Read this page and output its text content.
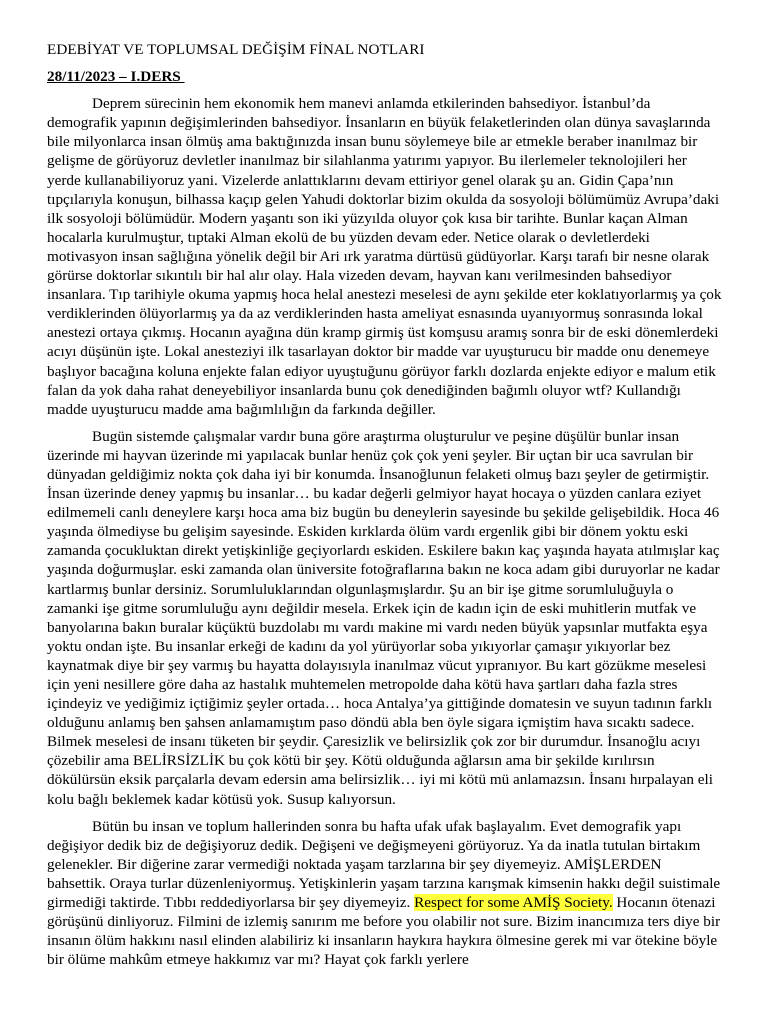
EDEBİYAT VE TOPLUMSAL DEĞİŞİM FİNAL NOTLARI

28/11/2023 – I.DERS

Deprem sürecinin hem ekonomik hem manevi anlamda etkilerinden bahsediyor. İstanbul’da demografik yapının değişimlerinden bahsediyor. İnsanların en büyük felaketlerinden olan dünya savaşlarında bile milyonlarca insan ölmüş ama baktığınızda insan bunu söylemeye bile ar etmekle beraber inanılmaz bir gelişme de görüyoruz devletler inanılmaz bir silahlanma yatırımı yapıyor. Bu ilerlemeler teknolojileri her yerde kullanabiliyoruz yani. Vizelerde anlattıklarını devam ettiriyor genel olarak şu an. Gidin Çapa’nın tıpçılarıyla konuşun, bilhassa kaçıp gelen Yahudi doktorlar bizim okulda da sosyoloji bölümümüz Avrupa’daki ilk sosyoloji bölümüdür. Modern yaşantı son iki yüzyılda oluyor çok kısa bir tarihte. Bunlar kaçan Alman hocalarla kurulmuştur, tıptaki Alman ekolü de bu yüzden devam eder. Netice olarak o devletlerdeki motivasyon insan sağlığına yönelik değil bir Ari ırk yaratma dürtüsü güdüyorlar. Karşı tarafı bir nesne olarak görürse doktorlar sıkıntılı bir hal alır olay. Hala vizeden devam, hayvan kanı verilmesinden bahsediyor insanlara. Tıp tarihiyle okuma yapmış hoca helal anestezi meselesi de aynı şekilde eter koklatıyorlarmış ya çok verdiklerinden ölüyorlarmış ya da az verdiklerinden hasta ameliyat esnasında uyanıyormuş sonrasında lokal anestezi ortaya çıkmış. Hocanın ayağına dün kramp girmiş üst komşusu aramış sonra bir de eski dönemlerdeki acıyı düşünün işte. Lokal anesteziyi ilk tasarlayan doktor bir madde var uyuşturucu bir madde onu denemeye başlıyor bacağına koluna enjekte falan ediyor uyuştuğunu görüyor farklı dozlarda enjekte ediyor e malum etik falan da yok daha rahat deneyebiliyor insanlarda bunu çok denediğinden bağımlı oluyor wtf? Kullandığı madde uyuşturucu madde ama bağımlılığın da farkında değiller.

Bugün sistemde çalışmalar vardır buna göre araştırma oluşturulur ve peşine düşülür bunlar insan üzerinde mi hayvan üzerinde mi yapılacak bunlar henüz çok çok yeni şeyler. Bir uçtan bir uca savrulan bir dünyadan geldiğimiz nokta çok daha iyi bir konumda. İnsanoğlunun felaketi olmuş bazı şeyler de getirmiştir. İnsan üzerinde deney yapmış bu insanlar… bu kadar değerli gelmiyor hayat hocaya o yüzden canlara eziyet edilmemeli canlı deneylere karşı hoca ama biz bugün bu deneylerin sayesinde bu şekilde gelişebildik. Hoca 46 yaşında ölmediyse bu gelişim sayesinde. Eskiden kırklarda ölüm vardı ergenlik gibi bir dönem yoktu eski zamanda çocukluktan direkt yetişkinliğe geçiyorlardı eskiden. Eskilere bakın kaç yaşında hayata atılmışlar kaç yaşında doğurmuşlar. eski zamanda olan üniversite fotoğraflarına bakın ne koca adam gibi duruyorlar ne kadar kartlarmış bunlar dersiniz. Sorumluluklarından olgunlaşmışlardır. Şu an bir işe gitme sorumluluğuyla o zamanki işe gitme sorumluluğu aynı değildir mesela. Erkek için de kadın için de eski muhitlerin mutfak ve banyolarına bakın buralar küçüktü buzdolabı mı vardı makine mi vardı neden büyük yapsınlar mutfakta eşya yoktu ondan işte. Bu insanlar erkeği de kadını da yol yürüyorlar soba yıkıyorlar çamaşır yıkıyorlar bez kaynatmak diye bir şey varmış bu hayatta dolayısıyla inanılmaz vücut yıpranıyor. Bu kart gözükme meselesi için yeni nesillere göre daha az hastalık muhtemelen metropolde daha kötü hava şartları daha fazla stres içindeyiz ve yediğimiz içtiğimiz şeyler ortada… hoca Antalya’ya gittiğinde domatesin ve suyun tadının farklı olduğunu anlamış ben şahsen anlamamıştım paso döndü abla ben öyle sigara içmiştim hava sıcaktı sadece. Bilmek meselesi de insanı tüketen bir şeydir. Çaresizlik ve belirsizlik çok zor bir durumdur. İnsanoğlu acıyı çözebilir ama BELİRSİZLİK bu çok kötü bir şey. Kötü olduğunda ağlarsın ama bir şekilde kırılırsın dökülürsün eksik parçalarla devam edersin ama belirsizlik… iyi mi kötü mü anlamazsın. İnsanı hırpalayan eli kolu bağlı beklemek kadar kötüsü yok. Susup kalıyorsun.

Bütün bu insan ve toplum hallerinden sonra bu hafta ufak ufak başlayalım. Evet demografik yapı değişiyor dedik biz de değişiyoruz dedik. Değişeni ve değişmeyeni görüyoruz. Ya da inatla tutulan birtakım gelenekler. Bir diğerine zarar vermediği noktada yaşam tarzlarına bir şey diyemeyiz. AMİŞLERDEN bahsettik. Oraya turlar düzenleniyormuş. Yetişkinlerin yaşam tarzına karışmak kimsenin hakkı değil suistimale girmediği taktirde. Tıbbı reddediyorlarsa bir şey diyemeyiz. Respect for some AMİŞ Society. Hocanın ötenazi görüşünü dinliyoruz. Filmini de izlemiş sanırım me before you olabilir not sure. Bizim inancımıza ters diye bir insanın ölüm hakkını nasıl elinden alabiliriz ki insanların haykıra haykıra ölmesine gerek mi var ötekine böyle bir ölüme mahkûm etmeye hakkımız var mı? Hayat çok farklı yerlere
